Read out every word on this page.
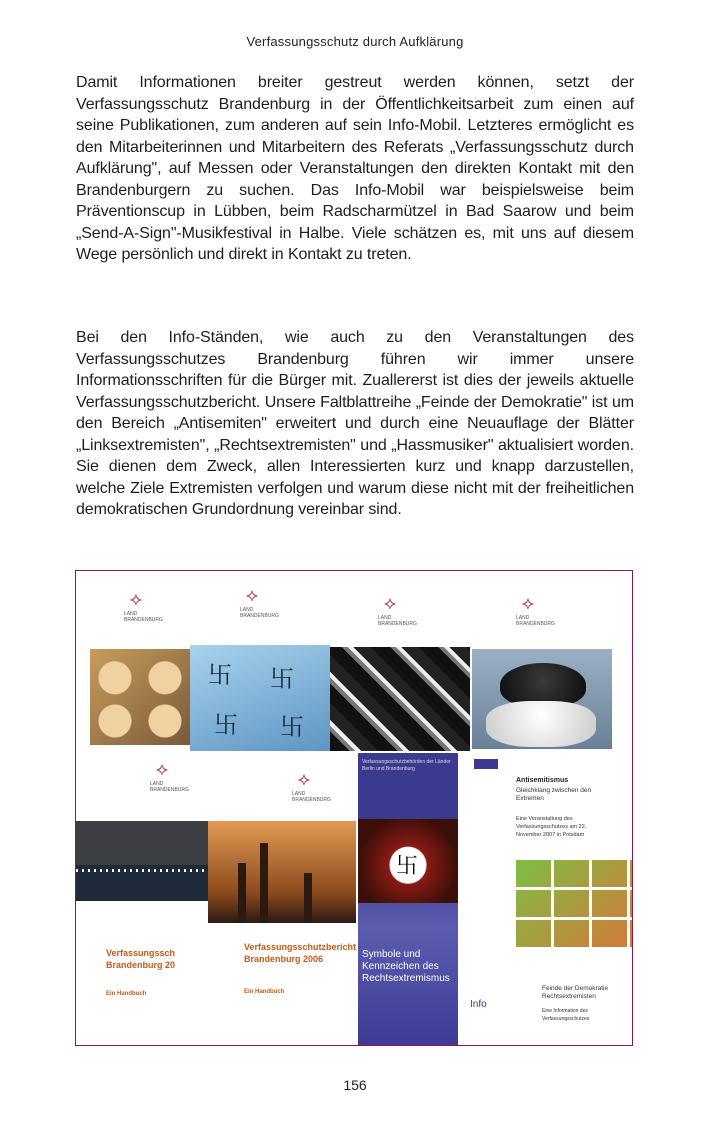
Verfassungsschutz durch Aufklärung

Damit Informationen breiter gestreut werden können, setzt der Verfassungsschutz Brandenburg in der Öffentlichkeitsarbeit zum einen auf seine Publikationen, zum anderen auf sein Info-Mobil. Letzteres ermöglicht es den Mitarbeiterinnen und Mitarbeitern des Referats „Verfassungsschutz durch Aufklärung", auf Messen oder Veranstaltungen den direkten Kontakt mit den Brandenburgern zu suchen. Das Info-Mobil war beispielsweise beim Präventionscup in Lübben, beim Radscharmützel in Bad Saarow und beim „Send-A-Sign"-Musikfestival in Halbe. Viele schätzen es, mit uns auf diesem Wege persönlich und direkt in Kontakt zu treten.

Bei den Info-Ständen, wie auch zu den Veranstaltungen des Verfassungsschutzes Brandenburg führen wir immer unsere Informationsschriften für die Bürger mit. Zuallererst ist dies der jeweils aktuelle Verfassungsschutzbericht. Unsere Faltblattreihe „Feinde der Demokratie" ist um den Bereich „Antisemiten" erweitert und durch eine Neuauflage der Blätter „Linksextremisten", „Rechtsextremisten" und „Hassmusiker" aktualisiert worden. Sie dienen dem Zweck, allen Interessierten kurz und knapp darzustellen, welche Ziele Extremisten verfolgen und warum diese nicht mit der freiheitlichen demokratischen Grundordnung vereinbar sind.

⟡
LAND BRANDENBURG
⟡
LAND BRANDENBURG
⟡
LAND BRANDENBURG
⟡
LAND BRANDENBURG
卐 卐
卐 卐
⟡
LAND BRANDENBURG
Verfassungssch Brandenburg 20
Ein Handbuch
⟡
LAND BRANDENBURG
Verfassungsschutzbericht Brandenburg 2006
Ein Handbuch
Verfassungsschutzbehörden der Länder Berlin und Brandenburg
卐
Symbole und Kennzeichen des Rechtsextremismus
Info
Antisemitismus
Gleichklang zwischen den Extremen
Eine Veranstaltung des Verfassungsschutzes am 22. November 2007 in Potsdam
Feinde der Demokratie Rechtsextremisten
Eine Information des Verfassungsschutzes
156
